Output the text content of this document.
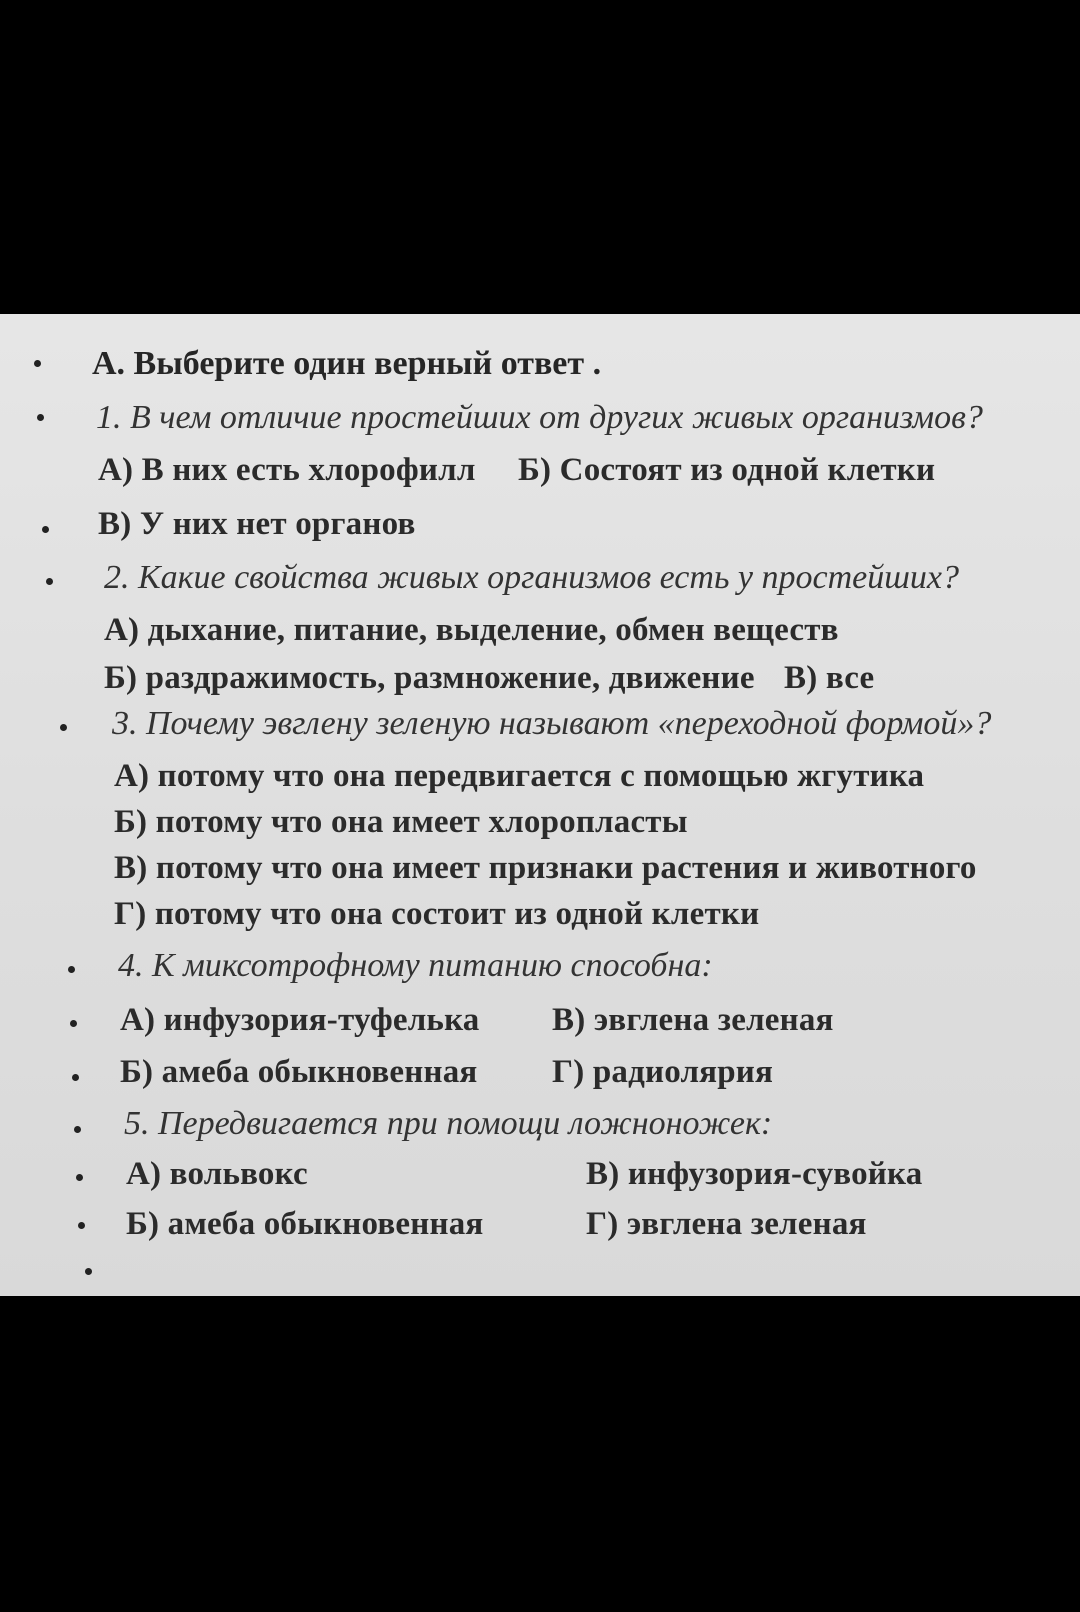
А. Выберите один верный ответ .
1. В чем отличие простейших от других живых организмов?
А) В них есть хлорофилл Б) Состоят из одной клетки
В) У них нет органов
2. Какие свойства живых организмов есть у простейших?
А) дыхание, питание, выделение, обмен веществ
Б) раздражимость, размножение, движение В) все
3. Почему эвглену зеленую называют «переходной формой»?
А) потому что она передвигается с помощью жгутика
Б) потому что она имеет хлоропласты
В) потому что она имеет признаки растения и животного
Г) потому что она состоит из одной клетки
4. К миксотрофному питанию способна:
А) инфузория-туфелька В) эвглена зеленая
Б) амеба обыкновенная Г) радиолярия
5. Передвигается при помощи ложноножек:
А) вольвокс	В) инфузория-сувойка
Б) амеба обыкновенная	Г) эвглена зеленая
